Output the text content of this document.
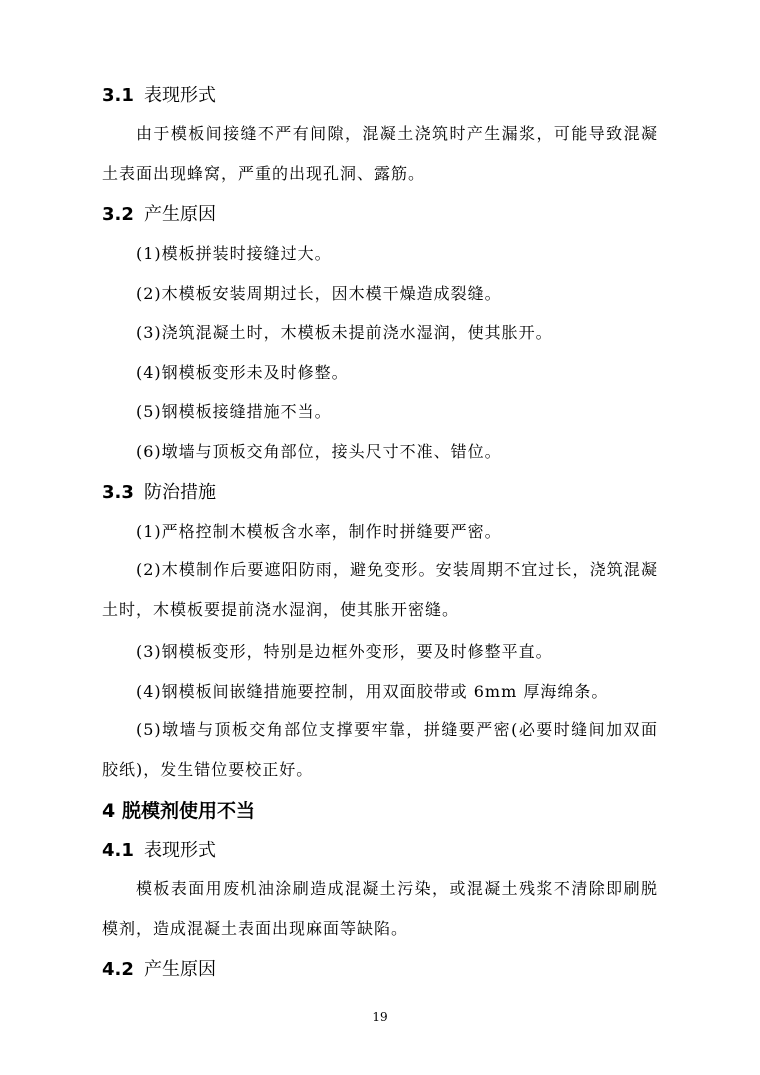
3.1 表现形式
由于模板间接缝不严有间隙，混凝土浇筑时产生漏浆，可能导致混凝土表面出现蜂窝，严重的出现孔洞、露筋。
3.2 产生原因
(1)模板拼装时接缝过大。
(2)木模板安装周期过长，因木模干燥造成裂缝。
(3)浇筑混凝土时，木模板未提前浇水湿润，使其胀开。
(4)钢模板变形未及时修整。
(5)钢模板接缝措施不当。
(6)墩墙与顶板交角部位，接头尺寸不准、错位。
3.3 防治措施
(1)严格控制木模板含水率，制作时拼缝要严密。
(2)木模制作后要遮阳防雨，避免变形。安装周期不宜过长，浇筑混凝土时，木模板要提前浇水湿润，使其胀开密缝。
(3)钢模板变形，特别是边框外变形，要及时修整平直。
(4)钢模板间嵌缝措施要控制，用双面胶带或 6mm 厚海绵条。
(5)墩墙与顶板交角部位支撑要牢靠，拼缝要严密(必要时缝间加双面胶纸)，发生错位要校正好。
4 脱模剂使用不当
4.1 表现形式
模板表面用废机油涂刷造成混凝土污染，或混凝土残浆不清除即刷脱模剂，造成混凝土表面出现麻面等缺陷。
4.2 产生原因
19
